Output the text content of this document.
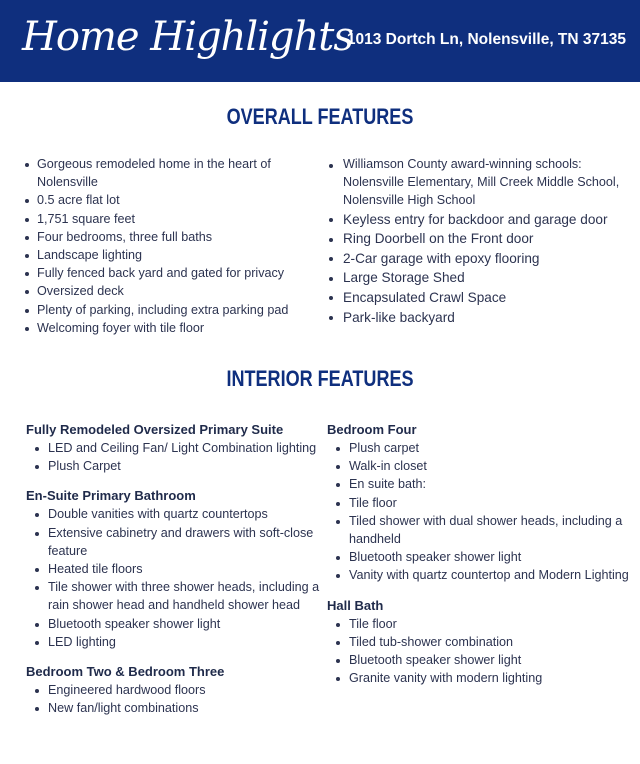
Home Highlights
1013 Dortch Ln, Nolensville, TN 37135
OVERALL FEATURES
Gorgeous remodeled home in the heart of Nolensville
0.5 acre flat lot
1,751 square feet
Four bedrooms, three full baths
Landscape lighting
Fully fenced back yard and gated for privacy
Oversized deck
Plenty of parking, including extra parking pad
Welcoming foyer with tile floor
Williamson County award-winning schools: Nolensville Elementary, Mill Creek Middle School, Nolensville High School
Keyless entry for backdoor and garage door
Ring Doorbell on the Front door
2-Car garage with epoxy flooring
Large Storage Shed
Encapsulated Crawl Space
Park-like backyard
INTERIOR FEATURES
Fully Remodeled Oversized Primary Suite
LED and Ceiling Fan/ Light Combination lighting
Plush Carpet
En-Suite Primary Bathroom
Double vanities with quartz countertops
Extensive cabinetry and drawers with soft-close feature
Heated tile floors
Tile shower with three shower heads, including a rain shower head and handheld shower head
Bluetooth speaker shower light
LED lighting
Bedroom Two & Bedroom Three
Engineered hardwood floors
New fan/light combinations
Bedroom Four
Plush carpet
Walk-in closet
En suite bath:
Tile floor
Tiled shower with dual shower heads, including a handheld
Bluetooth speaker shower light
Vanity with quartz countertop and Modern Lighting
Hall Bath
Tile floor
Tiled tub-shower combination
Bluetooth speaker shower light
Granite vanity with modern lighting
